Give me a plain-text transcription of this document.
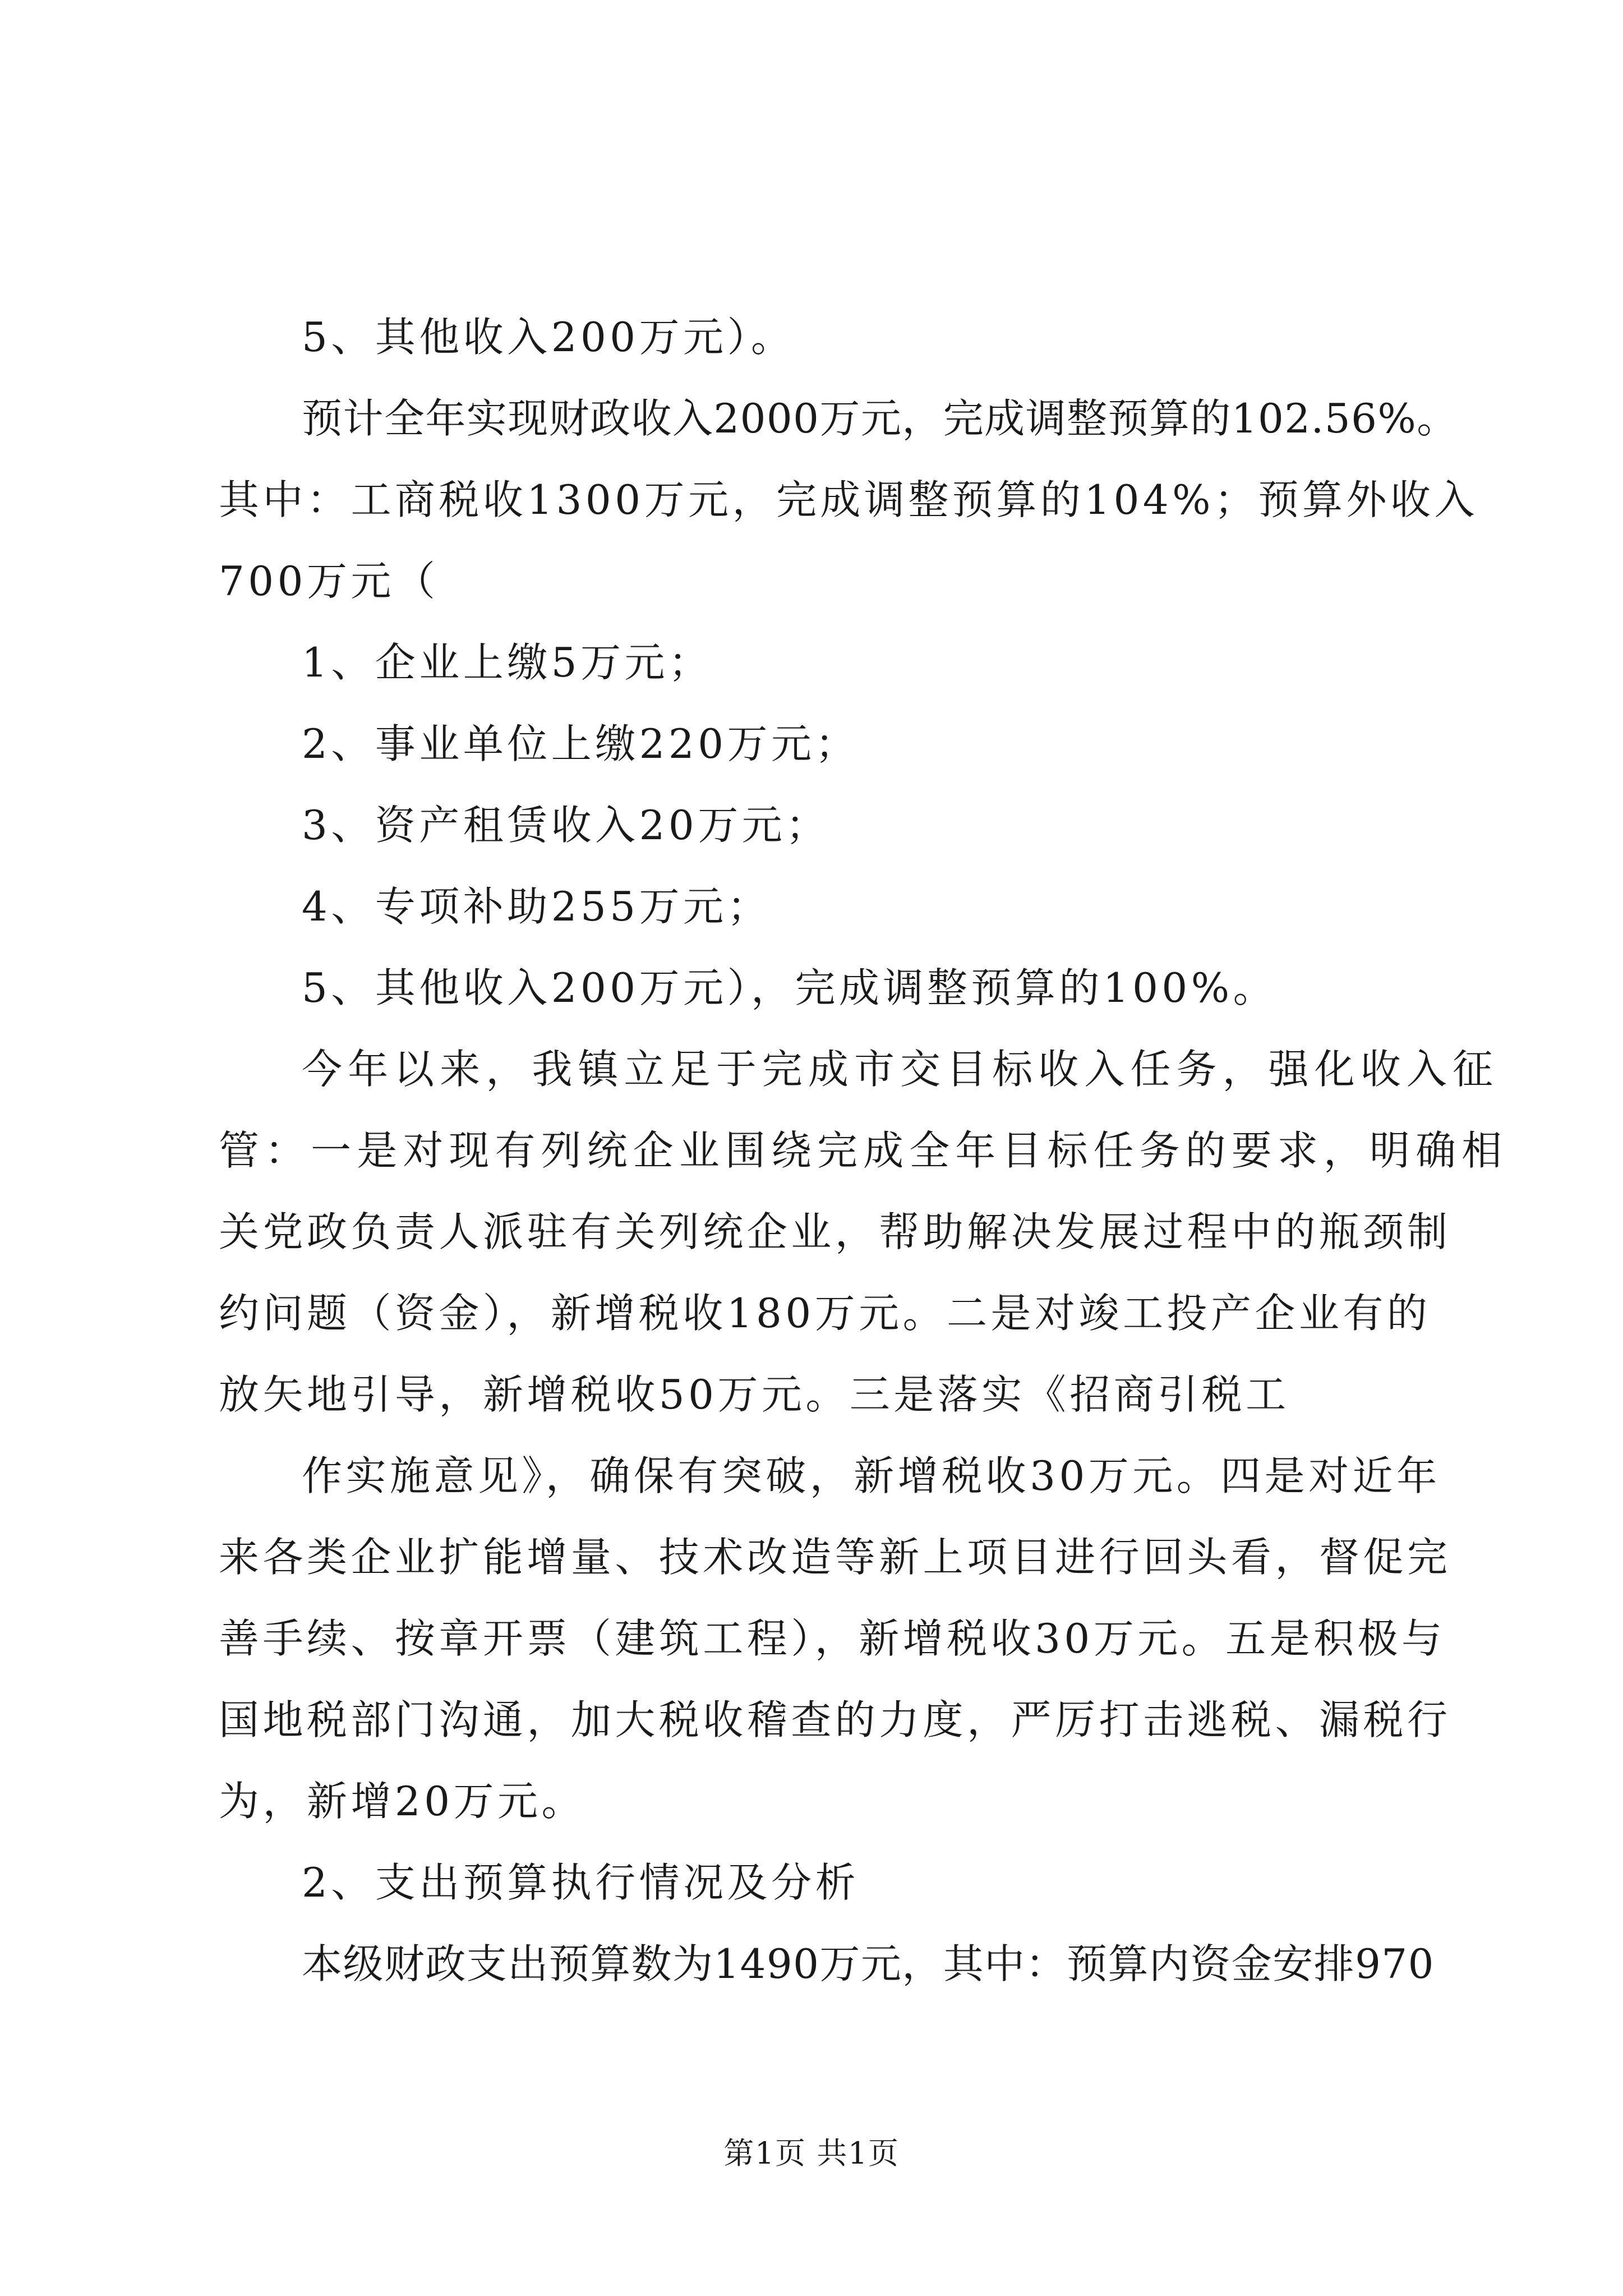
5、其他收入200万元）。
预计全年实现财政收入2000万元，完成调整预算的102.56%。
其中：工商税收1300万元，完成调整预算的104%；预算外收入
700万元（
1、企业上缴5万元；
2、事业单位上缴220万元；
3、资产租赁收入20万元；
4、专项补助255万元；
5、其他收入200万元），完成调整预算的100%。
今年以来，我镇立足于完成市交目标收入任务，强化收入征
管：一是对现有列统企业围绕完成全年目标任务的要求，明确相
关党政负责人派驻有关列统企业，帮助解决发展过程中的瓶颈制
约问题（资金），新增税收180万元。二是对竣工投产企业有的
放矢地引导，新增税收50万元。三是落实《招商引税工
作实施意见》，确保有突破，新增税收30万元。四是对近年
来各类企业扩能增量、技术改造等新上项目进行回头看，督促完
善手续、按章开票（建筑工程），新增税收30万元。五是积极与
国地税部门沟通，加大税收稽查的力度，严厉打击逃税、漏税行
为，新增20万元。
2、支出预算执行情况及分析
本级财政支出预算数为1490万元，其中：预算内资金安排970
第1页 共1页
